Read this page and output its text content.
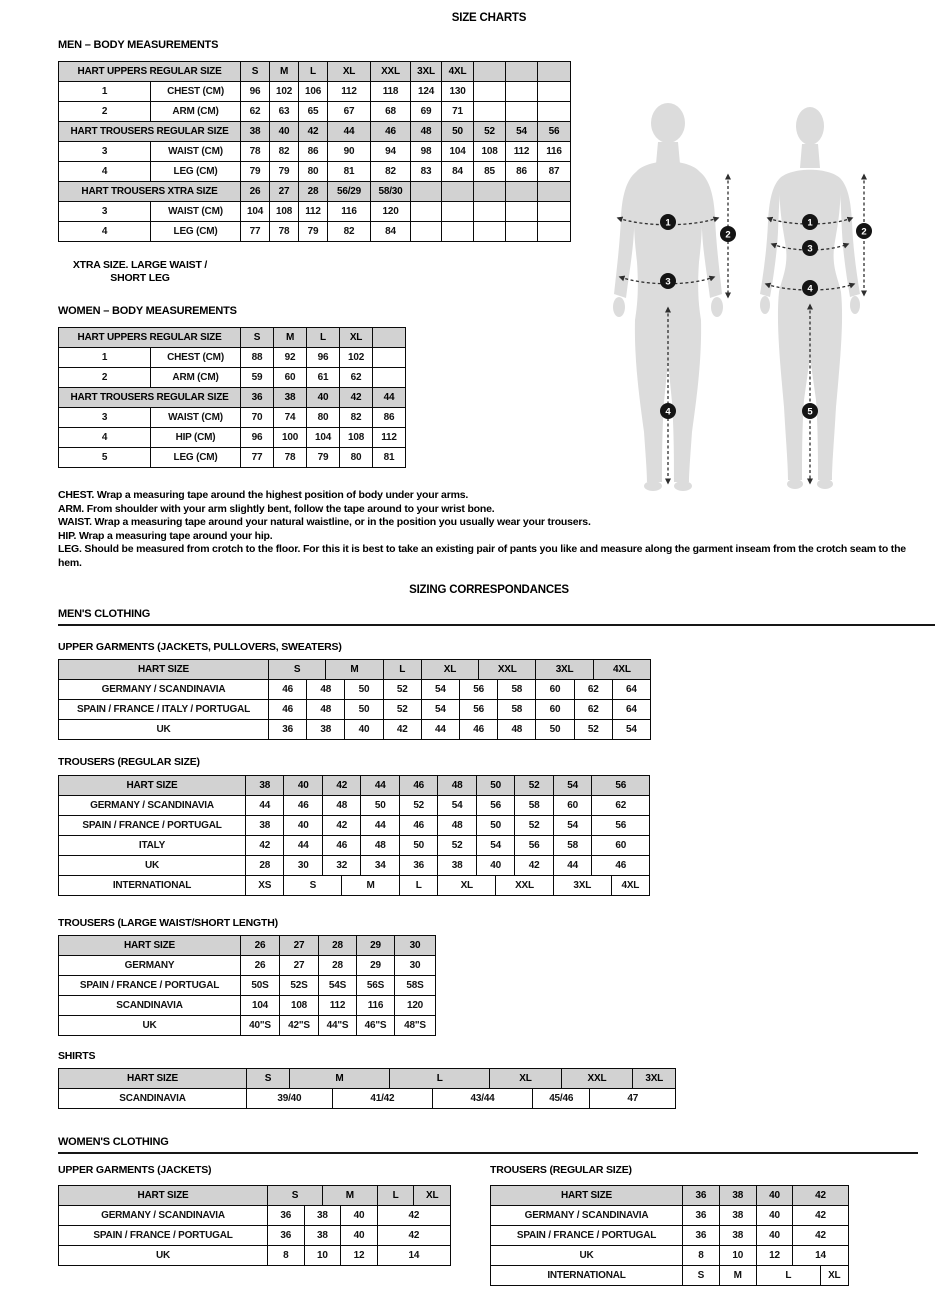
SIZE CHARTS
MEN – BODY MEASUREMENTS
HART UPPERS REGULAR SIZE		S	M	L	XL	XXL	3XL	4XL			
1	CHEST (CM)	96	102	106	112	118	124	130			
2	ARM (CM)	62	63	65	67	68	69	71			
HART TROUSERS REGULAR SIZE		38	40	42	44	46	48	50	52	54	56
3	WAIST (CM)	78	82	86	90	94	98	104	108	112	116
4	LEG (CM)	79	79	80	81	82	83	84	85	86	87
HART TROUSERS XTRA SIZE		26	27	28	56/29	58/30					
3	WAIST (CM)	104	108	112	116	120					
4	LEG (CM)	77	78	79	82	84					
XTRA SIZE. LARGE WAIST /
SHORT LEG
1
2
3
4
1
2
3
4
5
WOMEN – BODY MEASUREMENTS
HART UPPERS REGULAR SIZE		S	M	L	XL	
1	CHEST (CM)	88	92	96	102	
2	ARM (CM)	59	60	61	62	
HART TROUSERS REGULAR SIZE		36	38	40	42	44
3	WAIST (CM)	70	74	80	82	86
4	HIP (CM)	96	100	104	108	112
5	LEG (CM)	77	78	79	80	81
CHEST. Wrap a measuring tape around the highest position of body under your arms.
ARM. From shoulder with your arm slightly bent, follow the tape around to your wrist bone.
WAIST. Wrap a measuring tape around your natural waistline, or in the position you usually wear your trousers.
HIP. Wrap a measuring tape around your hip.
LEG. Should be measured from crotch to the floor. For this it is best to take an existing pair of pants you like and measure along the garment inseam from the crotch seam to the hem.
SIZING CORRESPONDANCES
MEN'S CLOTHING
UPPER GARMENTS (JACKETS, PULLOVERS, SWEATERS)
HART SIZE	S		M		L	XL		XXL		3XL		4XL	
GERMANY / SCANDINAVIA	46	48		50	52	54	56		58	60	62		64
SPAIN / FRANCE / ITALY / PORTUGAL	46	48		50	52	54	56		58	60	62		64
UK	36	38		40	42	44	46		48	50	52		54
TROUSERS (REGULAR SIZE)
HART SIZE	38	40	42		44	46	48	50		52	54	56	
GERMANY / SCANDINAVIA	44	46	48		50	52	54	56		58	60	62	
SPAIN / FRANCE / PORTUGAL	38	40	42		44	46	48	50		52	54	56	
ITALY	42	44	46		48	50	52	54		56	58	60	
UK	28	30	32		34	36	38	40		42	44	46	
INTERNATIONAL	XS	S		M		L	XL		XXL		3XL		4XL
TROUSERS (LARGE WAIST/SHORT LENGTH)
HART SIZE	26	27	28	29	30
GERMANY	26	27	28	29	30
SPAIN / FRANCE / PORTUGAL	50S	52S	54S	56S	58S
SCANDINAVIA	104	108	112	116	120
UK	40"S	42"S	44"S	46"S	48"S
SHIRTS
HART SIZE	S	M		L		XL		XXL		3XL
SCANDINAVIA	39/40		41/42		43/44		45/46		47	
WOMEN'S CLOTHING
UPPER GARMENTS (JACKETS)
HART SIZE	S		M		L	XL
GERMANY / SCANDINAVIA	36	38		40	42	
SPAIN / FRANCE / PORTUGAL	36	38		40	42	
UK	8	10		12	14	
TROUSERS (REGULAR SIZE)
HART SIZE	36	38	40	42	
GERMANY / SCANDINAVIA	36	38	40	42	
SPAIN / FRANCE / PORTUGAL	36	38	40	42	
UK	8	10	12	14	
INTERNATIONAL	S	M	L		XL
